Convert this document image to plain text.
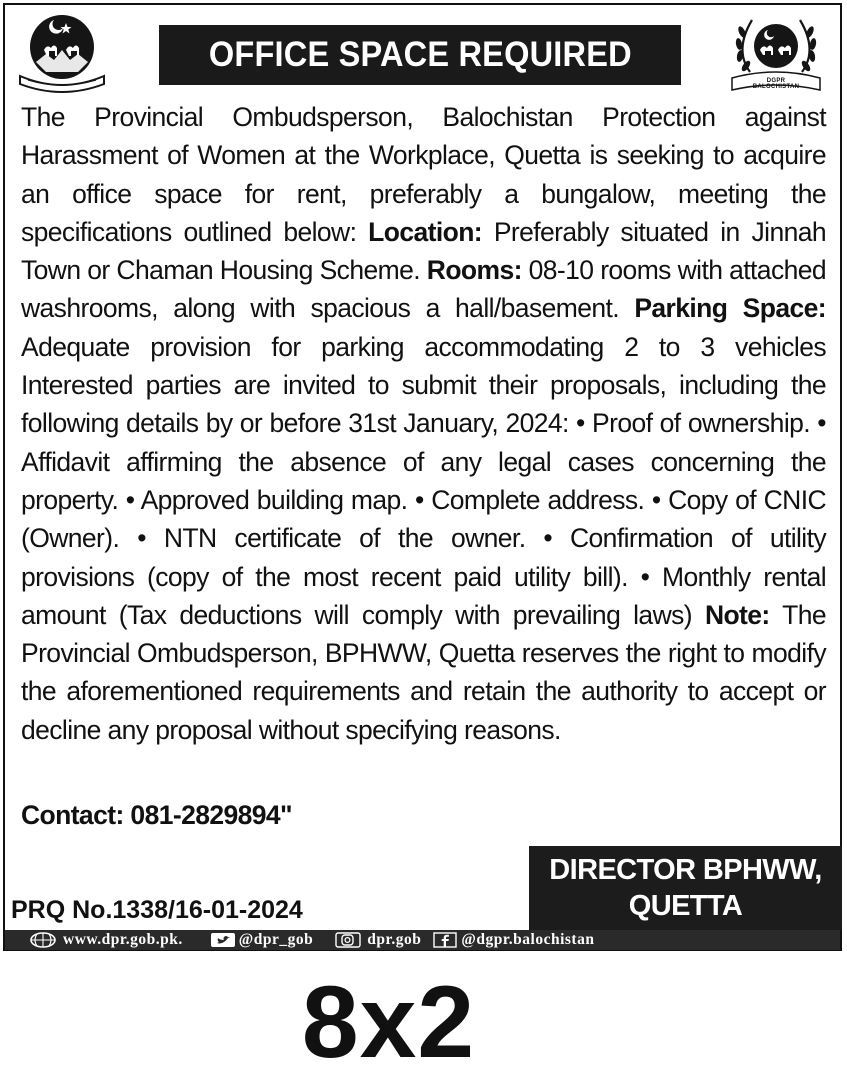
OFFICE SPACE REQUIRED
DGPR BALOCHISTAN

The Provincial Ombudsperson, Balochistan Protection against Harassment of Women at the Workplace, Quetta is seeking to acquire an office space for rent, preferably a bungalow, meeting the specifications outlined below: Location: Preferably situated in Jinnah Town or Chaman Housing Scheme. Rooms: 08-10 rooms with attached washrooms, along with spacious a hall/basement. Parking Space: Adequate provision for parking accommodating 2 to 3 vehicles Interested parties are invited to submit their proposals, including the following details by or before 31st January, 2024: • Proof of ownership. • Affidavit affirming the absence of any legal cases concerning the property. • Approved building map. • Complete address. • Copy of CNIC (Owner). • NTN certificate of the owner. • Confirmation of utility provisions (copy of the most recent paid utility bill). • Monthly rental amount (Tax deductions will comply with prevailing laws) Note: The Provincial Ombudsperson, BPHWW, Quetta reserves the right to modify the aforementioned requirements and retain the authority to accept or decline any proposal without specifying reasons.

Contact: 081-2829894"
DIRECTOR BPHWW,
QUETTA
PRQ No.1338/16-01-2024
www.dpr.gob.pk.	@dpr_gob	dpr.gob	@dgpr.balochistan
8x2
